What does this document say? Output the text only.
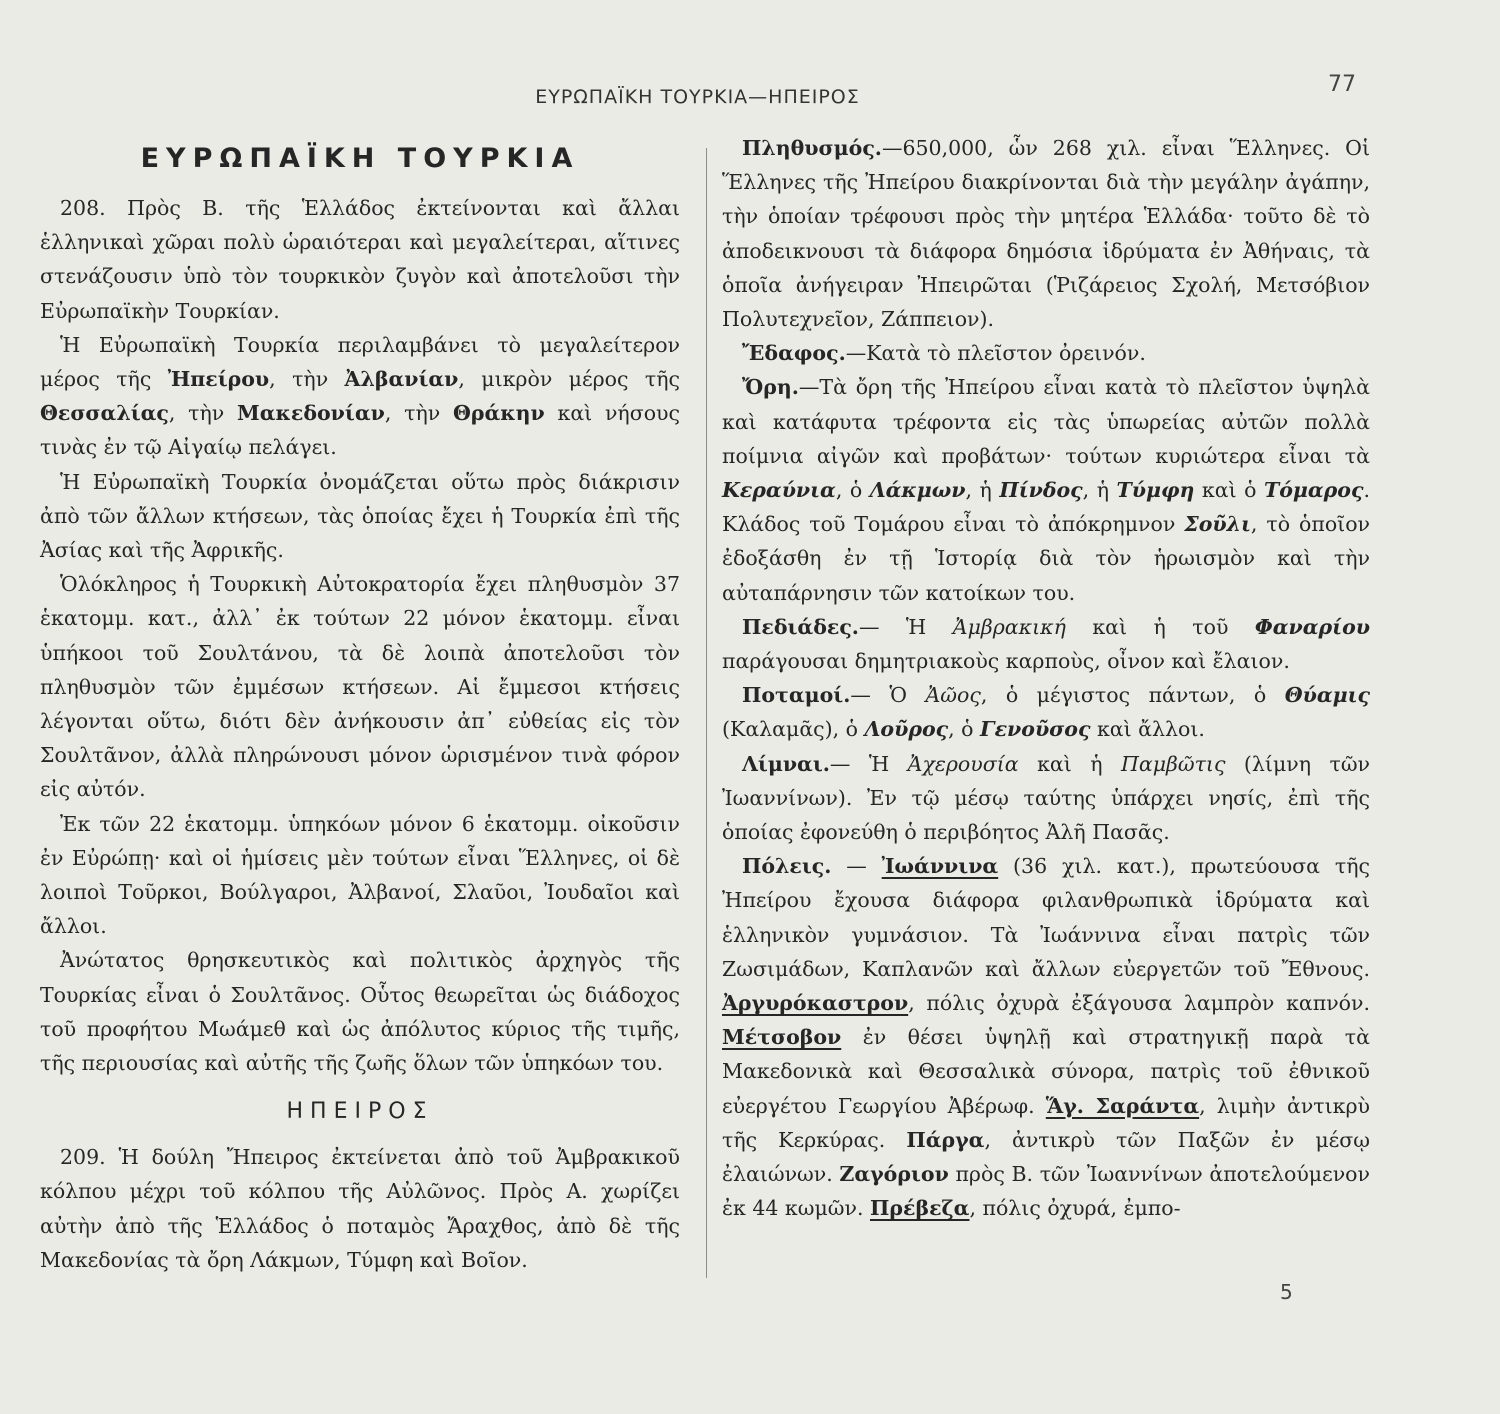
ΕΥΡΩΠΑΪΚΗ ΤΟΥΡΚΙΑ—ΗΠΕΙΡΟΣ	77
ΕΥΡΩΠΑΪΚΗ ΤΟΥΡΚΙΑ

208. Πρὸς Β. τῆς Ἑλλάδος ἐκτείνονται καὶ ἄλλαι ἑλληνικαὶ χῶραι πολὺ ὡραιότεραι καὶ μεγαλείτεραι, αἵτινες στενάζουσιν ὑπὸ τὸν τουρκικὸν ζυγὸν καὶ ἀποτελοῦσι τὴν Εὐρωπαϊκὴν Τουρκίαν.

Ἡ Εὐρωπαϊκὴ Τουρκία περιλαμβάνει τὸ μεγαλείτερον μέρος τῆς Ἠπείρου, τὴν Ἀλβανίαν, μικρὸν μέρος τῆς Θεσσαλίας, τὴν Μακεδονίαν, τὴν Θράκην καὶ νήσους τινὰς ἐν τῷ Αἰγαίῳ πελάγει.

Ἡ Εὐρωπαϊκὴ Τουρκία ὀνομάζεται οὕτω πρὸς διάκρισιν ἀπὸ τῶν ἄλλων κτήσεων, τὰς ὁποίας ἔχει ἡ Τουρκία ἐπὶ τῆς Ἀσίας καὶ τῆς Ἀφρικῆς.

Ὁλόκληρος ἡ Τουρκικὴ Αὐτοκρατορία ἔχει πληθυσμὸν 37 ἑκατομμ. κατ., ἀλλ᾽ ἐκ τούτων 22 μόνον ἑκατομμ. εἶναι ὑπήκοοι τοῦ Σουλτάνου, τὰ δὲ λοιπὰ ἀποτελοῦσι τὸν πληθυσμὸν τῶν ἐμμέσων κτήσεων. Αἱ ἔμμεσοι κτήσεις λέγονται οὕτω, διότι δὲν ἀνήκουσιν ἀπ᾽ εὐθείας εἰς τὸν Σουλτᾶνον, ἀλλὰ πληρώνουσι μόνον ὡρισμένον τινὰ φόρον εἰς αὐτόν.

Ἐκ τῶν 22 ἑκατομμ. ὑπηκόων μόνον 6 ἑκατομμ. οἰκοῦσιν ἐν Εὐρώπῃ· καὶ οἱ ἡμίσεις μὲν τούτων εἶναι Ἕλληνες, οἱ δὲ λοιποὶ Τοῦρκοι, Βούλγαροι, Ἀλβανοί, Σλαῦοι, Ἰουδαῖοι καὶ ἄλλοι.

Ἀνώτατος θρησκευτικὸς καὶ πολιτικὸς ἀρχηγὸς τῆς Τουρκίας εἶναι ὁ Σουλτᾶνος. Οὗτος θεωρεῖται ὡς διάδοχος τοῦ προφήτου Μωάμεθ καὶ ὡς ἀπόλυτος κύριος τῆς τιμῆς, τῆς περιουσίας καὶ αὐτῆς τῆς ζωῆς ὅλων τῶν ὑπηκόων του.

ΗΠΕΙΡΟΣ

209. Ἡ δούλη Ἤπειρος ἐκτείνεται ἀπὸ τοῦ Ἀμβρακικοῦ κόλπου μέχρι τοῦ κόλπου τῆς Αὐλῶνος. Πρὸς Α. χωρίζει αὐτὴν ἀπὸ τῆς Ἑλλάδος ὁ ποταμὸς Ἄραχθος, ἀπὸ δὲ τῆς Μακεδονίας τὰ ὄρη Λάκμων, Τύμφη καὶ Βοῖον.

Πληθυσμός.—650,000, ὧν 268 χιλ. εἶναι Ἕλληνες. Οἱ Ἕλληνες τῆς Ἠπείρου διακρίνονται διὰ τὴν μεγάλην ἀγάπην, τὴν ὁποίαν τρέφουσι πρὸς τὴν μητέρα Ἑλλάδα· τοῦτο δὲ τὸ ἀποδεικνουσι τὰ διάφορα δημόσια ἱδρύματα ἐν Ἀθήναις, τὰ ὁποῖα ἀνήγειραν Ἠπειρῶται (Ῥιζάρειος Σχολή, Μετσόβιον Πολυτεχνεῖον, Ζάππειον).

Ἔδαφος.—Κατὰ τὸ πλεῖστον ὀρεινόν.

Ὄρη.—Τὰ ὄρη τῆς Ἠπείρου εἶναι κατὰ τὸ πλεῖστον ὑψηλὰ καὶ κατάφυτα τρέφοντα εἰς τὰς ὑπωρείας αὐτῶν πολλὰ ποίμνια αἰγῶν καὶ προβάτων· τούτων κυριώτερα εἶναι τὰ Κεραύνια, ὁ Λάκμων, ἡ Πίνδος, ἡ Τύμφη καὶ ὁ Τόμαρος. Κλάδος τοῦ Τομάρου εἶναι τὸ ἀπόκρημνον Σοῦλι, τὸ ὁποῖον ἐδοξάσθη ἐν τῇ Ἱστορίᾳ διὰ τὸν ἡρωισμὸν καὶ τὴν αὐταπάρνησιν τῶν κατοίκων του.

Πεδιάδες.— Ἡ Ἀμβρακική καὶ ἡ τοῦ Φαναρίου παράγουσαι δημητριακοὺς καρποὺς, οἶνον καὶ ἔλαιον.

Ποταμοί.— Ὁ Ἀῶος, ὁ μέγιστος πάντων, ὁ Θύαμις (Καλαμᾶς), ὁ Λοῦρος, ὁ Γενοῦσος καὶ ἄλλοι.

Λίμναι.— Ἡ Ἀχερουσία καὶ ἡ Παμβῶτις (λίμνη τῶν Ἰωαννίνων). Ἐν τῷ μέσῳ ταύτης ὑπάρχει νησίς, ἐπὶ τῆς ὁποίας ἐφονεύθη ὁ περιβόητος Ἀλῆ Πασᾶς.

Πόλεις. — Ἰωάννινα (36 χιλ. κατ.), πρωτεύουσα τῆς Ἠπείρου ἔχουσα διάφορα φιλανθρωπικὰ ἱδρύματα καὶ ἑλληνικὸν γυμνάσιον. Τὰ Ἰωάννινα εἶναι πατρὶς τῶν Ζωσιμάδων, Καπλανῶν καὶ ἄλλων εὐεργετῶν τοῦ Ἔθνους. Ἀργυρόκαστρον, πόλις ὀχυρὰ ἐξάγουσα λαμπρὸν καπνόν. Μέτσοβον ἐν θέσει ὑψηλῇ καὶ στρατηγικῇ παρὰ τὰ Μακεδονικὰ καὶ Θεσσαλικὰ σύνορα, πατρὶς τοῦ ἐθνικοῦ εὐεργέτου Γεωργίου Ἀβέρωφ. Ἅγ. Σαράντα, λιμὴν ἀντικρὺ τῆς Κερκύρας. Πάργα, ἀντικρὺ τῶν Παξῶν ἐν μέσῳ ἐλαιώνων. Ζαγόριον πρὸς Β. τῶν Ἰωαννίνων ἀποτελούμενον ἐκ 44 κωμῶν. Πρέβεζα, πόλις ὀχυρά, ἐμπο-

5
